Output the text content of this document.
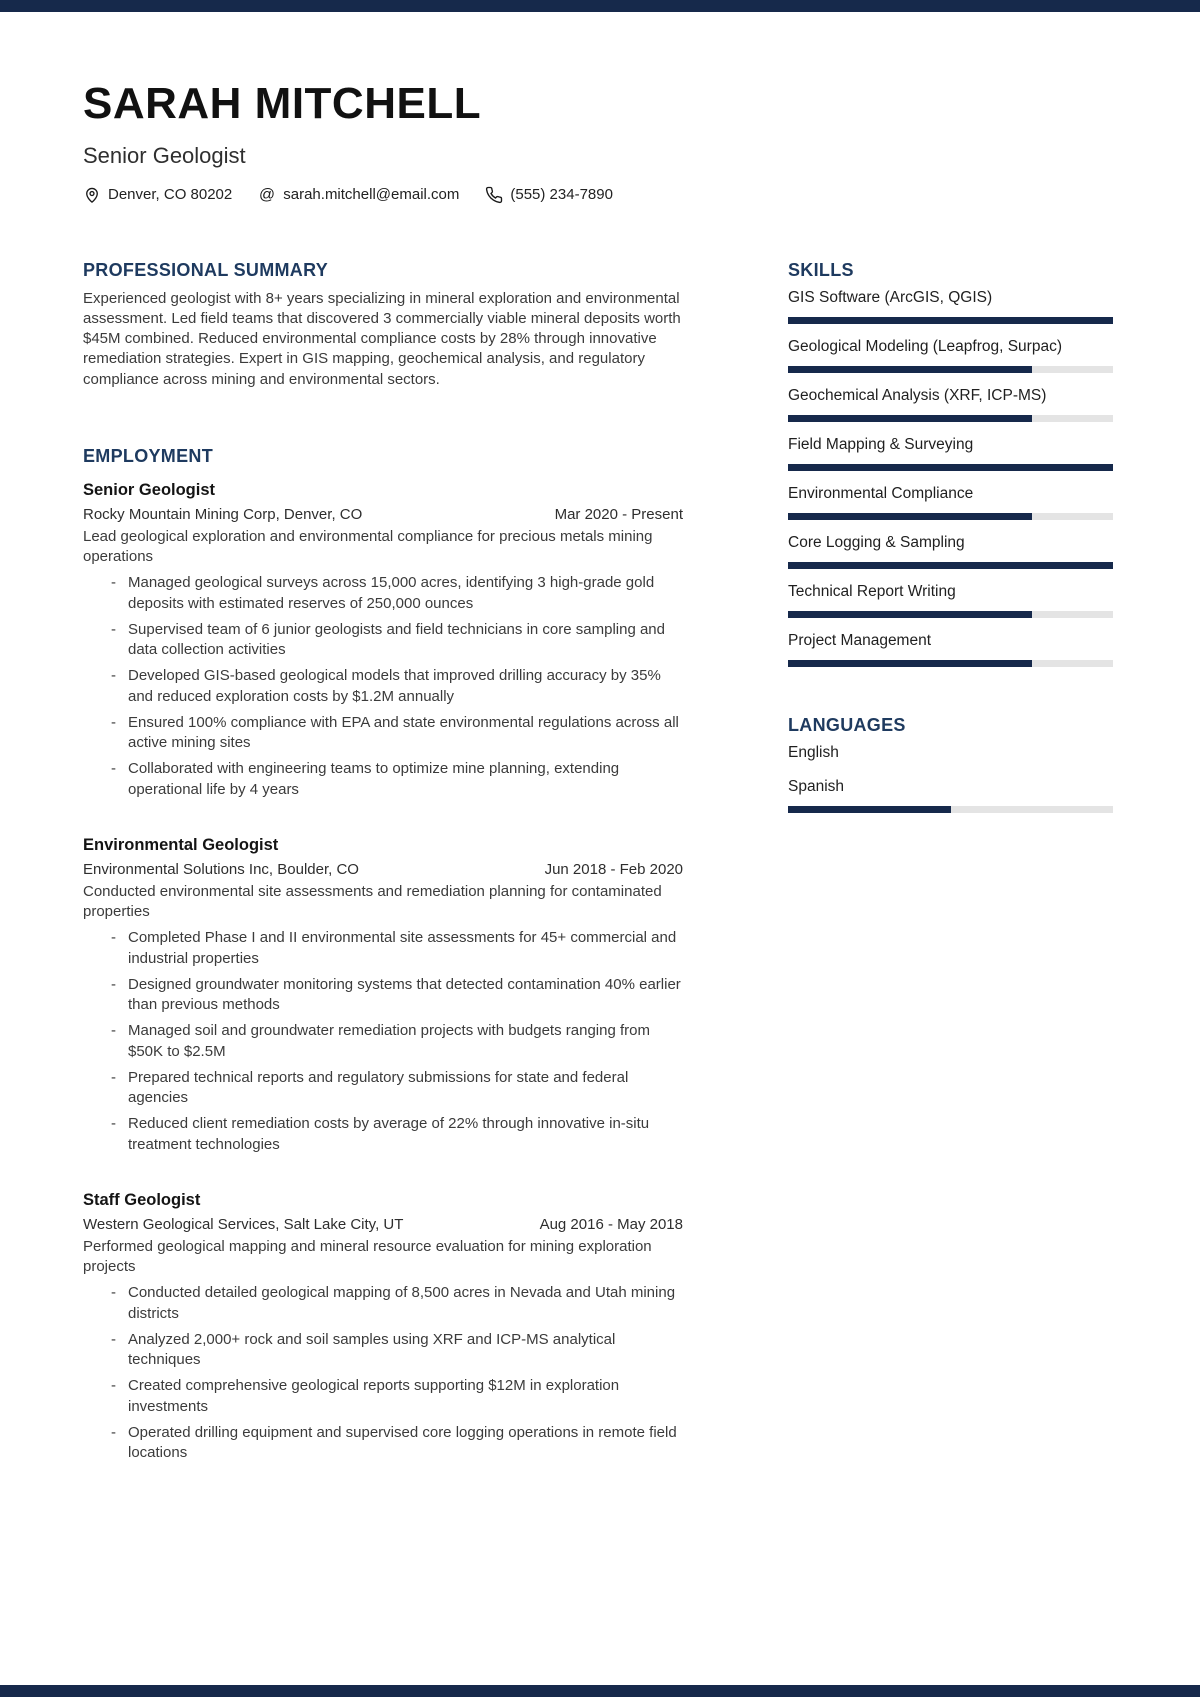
SARAH MITCHELL
Senior Geologist
Denver, CO 80202 @ sarah.mitchell@email.com	(555) 234-7890
PROFESSIONAL SUMMARY

Experienced geologist with 8+ years specializing in mineral exploration and environmental assessment. Led field teams that discovered 3 commercially viable mineral deposits worth $45M combined. Reduced environmental compliance costs by 28% through innovative remediation strategies. Expert in GIS mapping, geochemical analysis, and regulatory compliance across mining and environmental sectors.

EMPLOYMENT
Senior Geologist
Rocky Mountain Mining Corp, Denver, CO	Mar 2020 - Present
Lead geological exploration and environmental compliance for precious metals mining operations
- Managed geological surveys across 15,000 acres, identifying 3 high-grade gold deposits with estimated reserves of 250,000 ounces
- Supervised team of 6 junior geologists and field technicians in core sampling and data collection activities
- Developed GIS-based geological models that improved drilling accuracy by 35% and reduced exploration costs by $1.2M annually
- Ensured 100% compliance with EPA and state environmental regulations across all active mining sites
- Collaborated with engineering teams to optimize mine planning, extending operational life by 4 years
Environmental Geologist
Environmental Solutions Inc, Boulder, CO	Jun 2018 - Feb 2020
Conducted environmental site assessments and remediation planning for contaminated properties
- Completed Phase I and II environmental site assessments for 45+ commercial and industrial properties
- Designed groundwater monitoring systems that detected contamination 40% earlier than previous methods
- Managed soil and groundwater remediation projects with budgets ranging from $50K to $2.5M
- Prepared technical reports and regulatory submissions for state and federal agencies
- Reduced client remediation costs by average of 22% through innovative in-situ treatment technologies
Staff Geologist
Western Geological Services, Salt Lake City, UT	Aug 2016 - May 2018
Performed geological mapping and mineral resource evaluation for mining exploration projects
- Conducted detailed geological mapping of 8,500 acres in Nevada and Utah mining districts
- Analyzed 2,000+ rock and soil samples using XRF and ICP-MS analytical techniques
- Created comprehensive geological reports supporting $12M in exploration investments
- Operated drilling equipment and supervised core logging operations in remote field locations
SKILLS
GIS Software (ArcGIS, QGIS)
Geological Modeling (Leapfrog, Surpac)
Geochemical Analysis (XRF, ICP-MS)
Field Mapping & Surveying
Environmental Compliance
Core Logging & Sampling
Technical Report Writing
Project Management
LANGUAGES
English
Spanish
